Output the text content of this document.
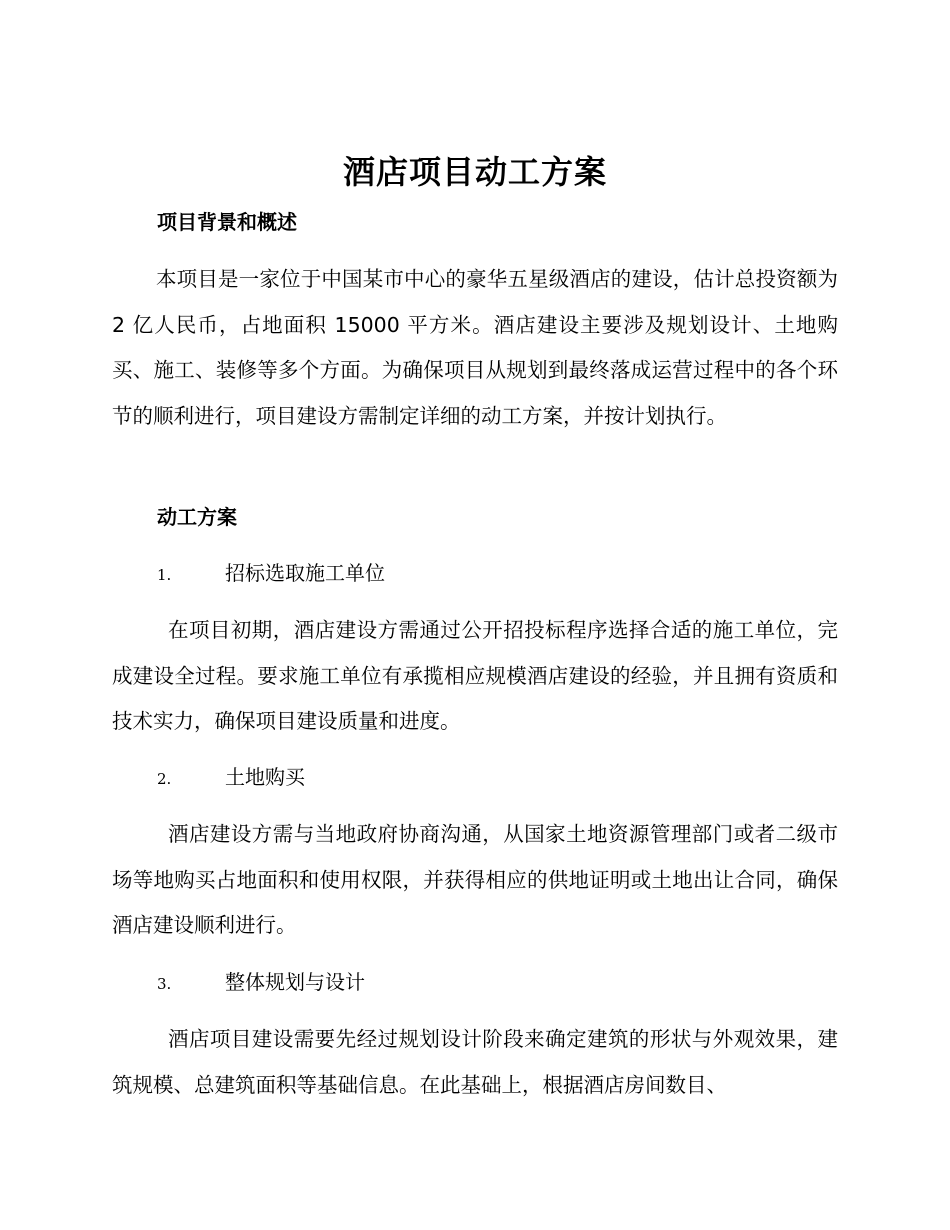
酒店项目动工方案
项目背景和概述

本项目是一家位于中国某市中心的豪华五星级酒店的建设，估计总投资额为 2 亿人民币，占地面积 15000 平方米。酒店建设主要涉及规划设计、土地购买、施工、装修等多个方面。为确保项目从规划到最终落成运营过程中的各个环节的顺利进行，项目建设方需制定详细的动工方案，并按计划执行。

动工方案
1.	招标选取施工单位

在项目初期，酒店建设方需通过公开招投标程序选择合适的施工单位，完成建设全过程。要求施工单位有承揽相应规模酒店建设的经验，并且拥有资质和技术实力，确保项目建设质量和进度。

2.	土地购买

酒店建设方需与当地政府协商沟通，从国家土地资源管理部门或者二级市场等地购买占地面积和使用权限，并获得相应的供地证明或土地出让合同，确保酒店建设顺利进行。

3.	整体规划与设计

酒店项目建设需要先经过规划设计阶段来确定建筑的形状与外观效果，建筑规模、总建筑面积等基础信息。在此基础上，根据酒店房间数目、
